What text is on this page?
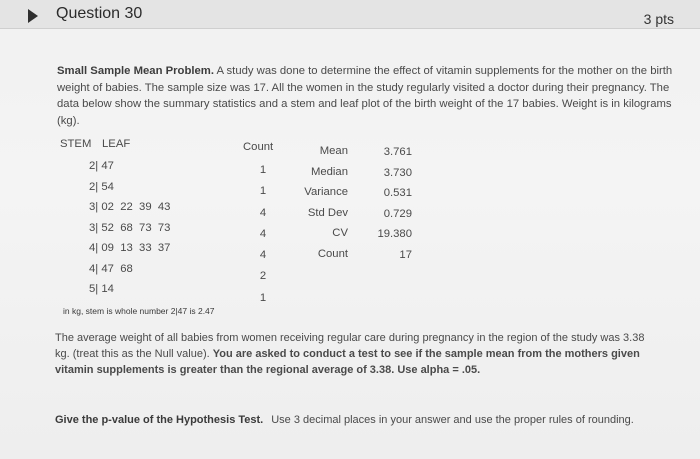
Question 30	3 pts
Small Sample Mean Problem. A study was done to determine the effect of vitamin supplements for the mother on the birth weight of babies. The sample size was 17. All the women in the study regularly visited a doctor during their pregnancy. The data below show the summary statistics and a stem and leaf plot of the birth weight of the 17 babies. Weight is in kilograms (kg).
STEM LEAF
2| 47
2| 54
3| 02  22  39  43
3| 52  68  73  73
4| 09  13  33  37
4| 47  68
5| 14
Count
1
1
4
4
4
2
1
Mean
Median
Variance
Std Dev
CV
Count
3.761
3.730
0.531
0.729
19.380
17
in kg, stem is whole number 2|47 is 2.47
The average weight of all babies from women receiving regular care during pregnancy in the region of the study was 3.38 kg. (treat this as the Null value). You are asked to conduct a test to see if the sample mean from the mothers given vitamin supplements is greater than the regional average of 3.38. Use alpha = .05.
Give the p-value of the Hypothesis Test. Use 3 decimal places in your answer and use the proper rules of rounding.
